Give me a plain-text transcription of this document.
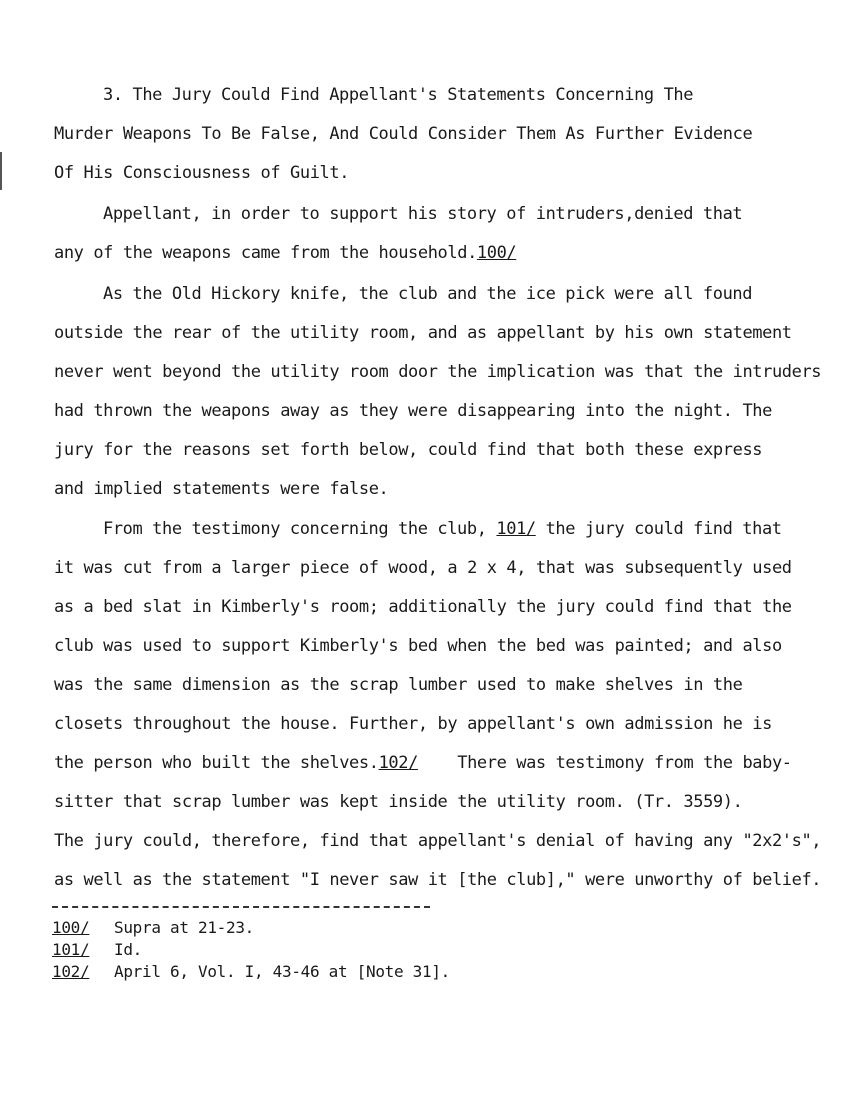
3. The Jury Could Find Appellant's Statements Concerning The
Murder Weapons To Be False, And Could Consider Them As Further Evidence
Of His Consciousness of Guilt.
Appellant, in order to support his story of intruders,denied that
any of the weapons came from the household.100/
As the Old Hickory knife, the club and the ice pick were all found
outside the rear of the utility room, and as appellant by his own statement
never went beyond the utility room door the implication was that the intruders
had thrown the weapons away as they were disappearing into the night. The
jury for the reasons set forth below, could find that both these express
and implied statements were false.
From the testimony concerning the club, 101/ the jury could find that
it was cut from a larger piece of wood, a 2 x 4, that was subsequently used
as a bed slat in Kimberly's room; additionally the jury could find that the
club was used to support Kimberly's bed when the bed was painted; and also
was the same dimension as the scrap lumber used to make shelves in the
closets throughout the house. Further, by appellant's own admission he is
the person who built the shelves.102/    There was testimony from the baby-
sitter that scrap lumber was kept inside the utility room. (Tr. 3559).
The jury could, therefore, find that appellant's denial of having any "2x2's",
as well as the statement "I never saw it [the club]," were unworthy of belief.
100/ Supra at 21-23.
101/ Id.
102/ April 6, Vol. I, 43-46 at [Note 31].
